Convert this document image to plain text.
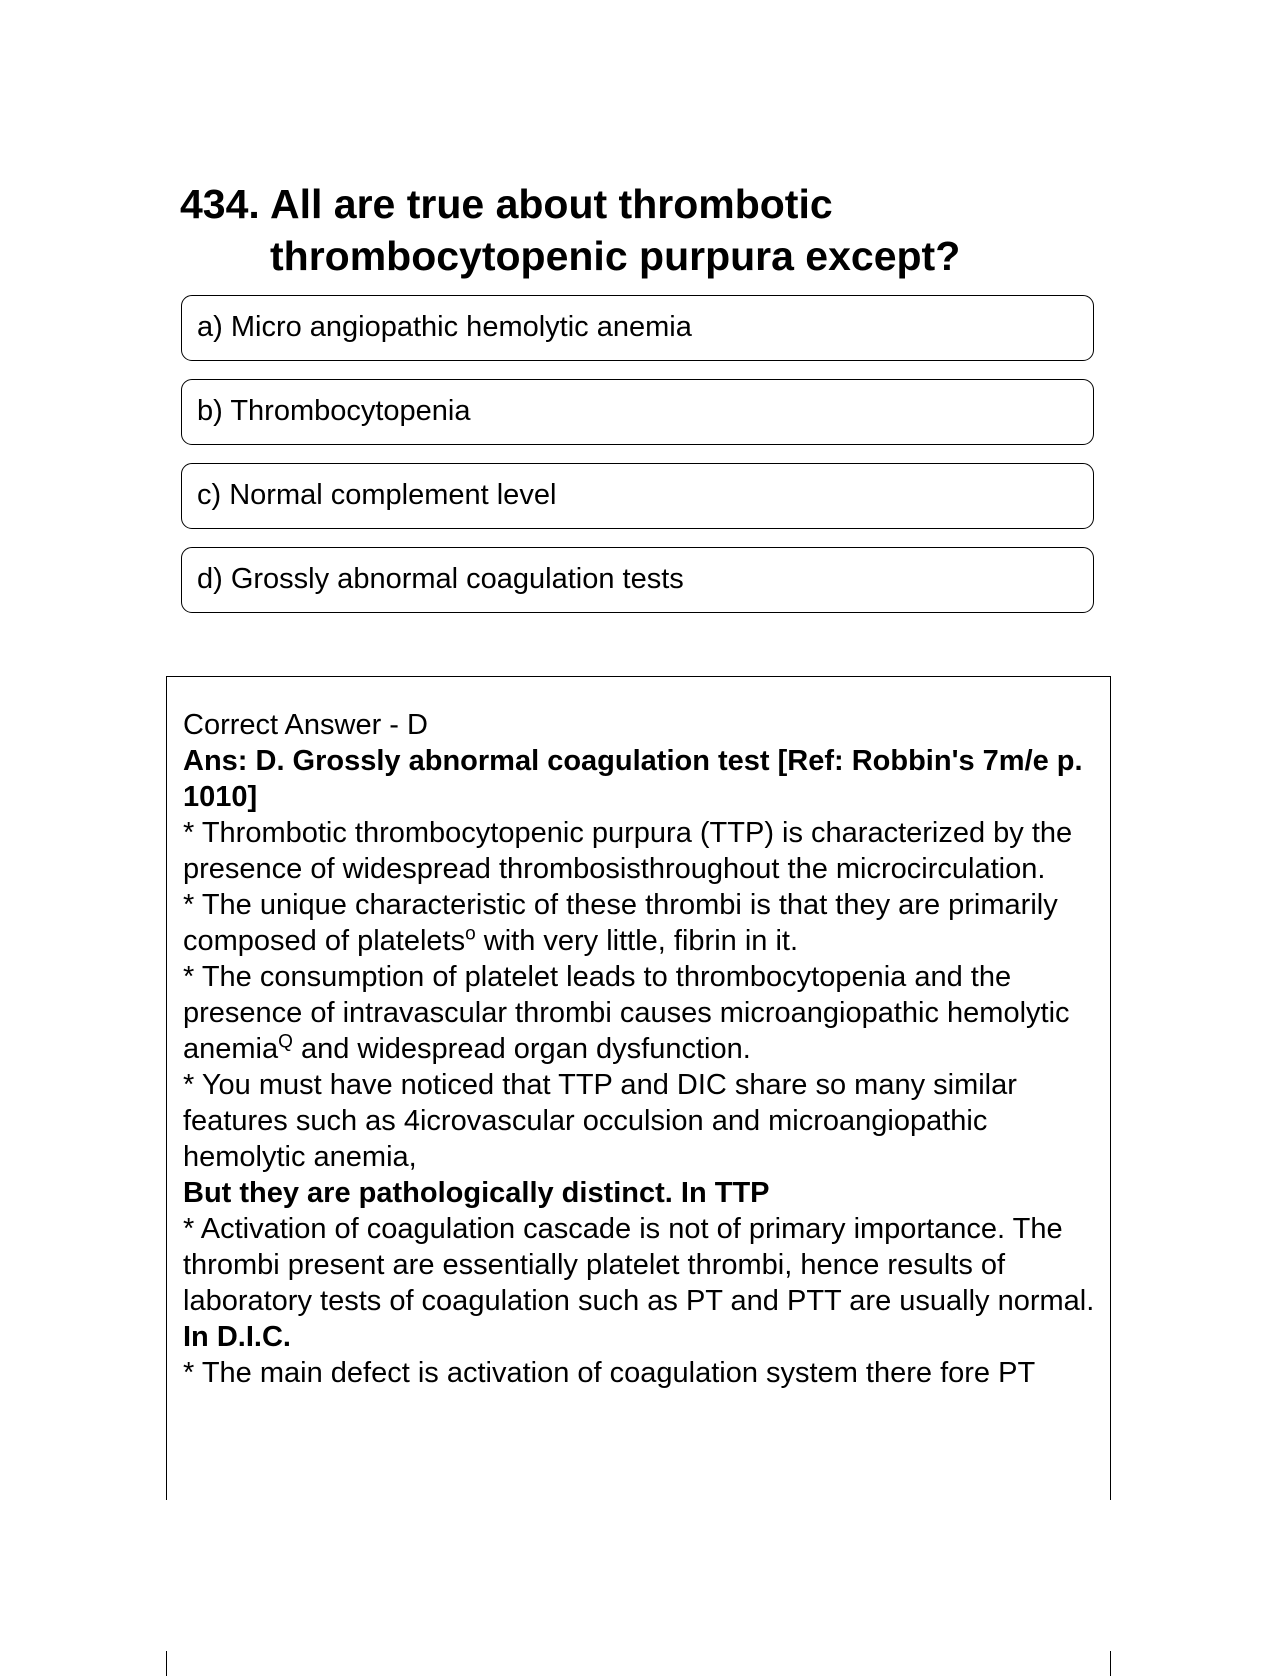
434. All are true about thrombotic thrombocytopenic purpura except?
a) Micro angiopathic hemolytic anemia
b) Thrombocytopenia
c) Normal complement level
d) Grossly abnormal coagulation tests

Correct Answer - D

Ans: D. Grossly abnormal coagulation test [Ref: Robbin's 7m/e p. 1010]

* Thrombotic thrombocytopenic purpura (TTP) is characterized by the presence of widespread thrombosisthroughout the microcirculation.

* The unique characteristic of these thrombi is that they are primarily composed of platelets$^o$ with very little, fibrin in it.

* The consumption of platelet leads to thrombocytopenia and the presence of intravascular thrombi causes microangiopathic hemolytic anemia$^Q$ and widespread organ dysfunction.

* You must have noticed that TTP and DIC share so many similar features such as 4icrovascular occulsion and microangiopathic hemolytic anemia,

But they are pathologically distinct. In TTP

* Activation of coagulation cascade is not of primary importance. The thrombi present are essentially platelet thrombi, hence results of laboratory tests of coagulation such as PT and PTT are usually normal.

In D.I.C.

* The main defect is activation of coagulation system there fore PT
